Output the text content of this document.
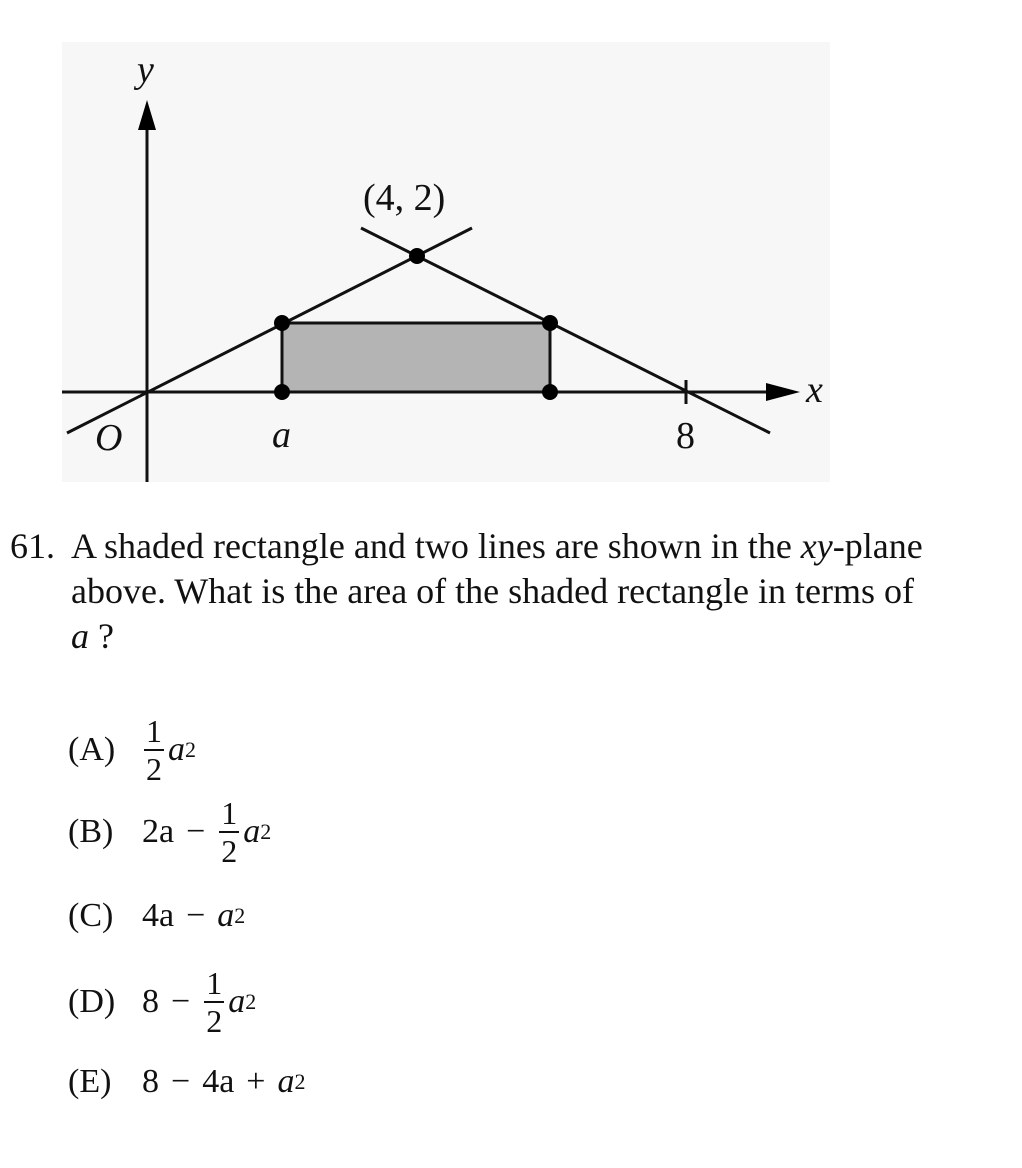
y
x
O	a	8
(4, 2)
61. A shaded rectangle and two lines are shown in the xy-plane above. What is the area of the shaded rectangle in terms of a ?
$(A) \frac{1}{2}$ a 2
(B) $2a - \frac{1}{2}$ a 2
(C) 4a − a 2
(D) $8 - \frac{1}{2}$ a 2
(E) 8 − 4a + a 2
